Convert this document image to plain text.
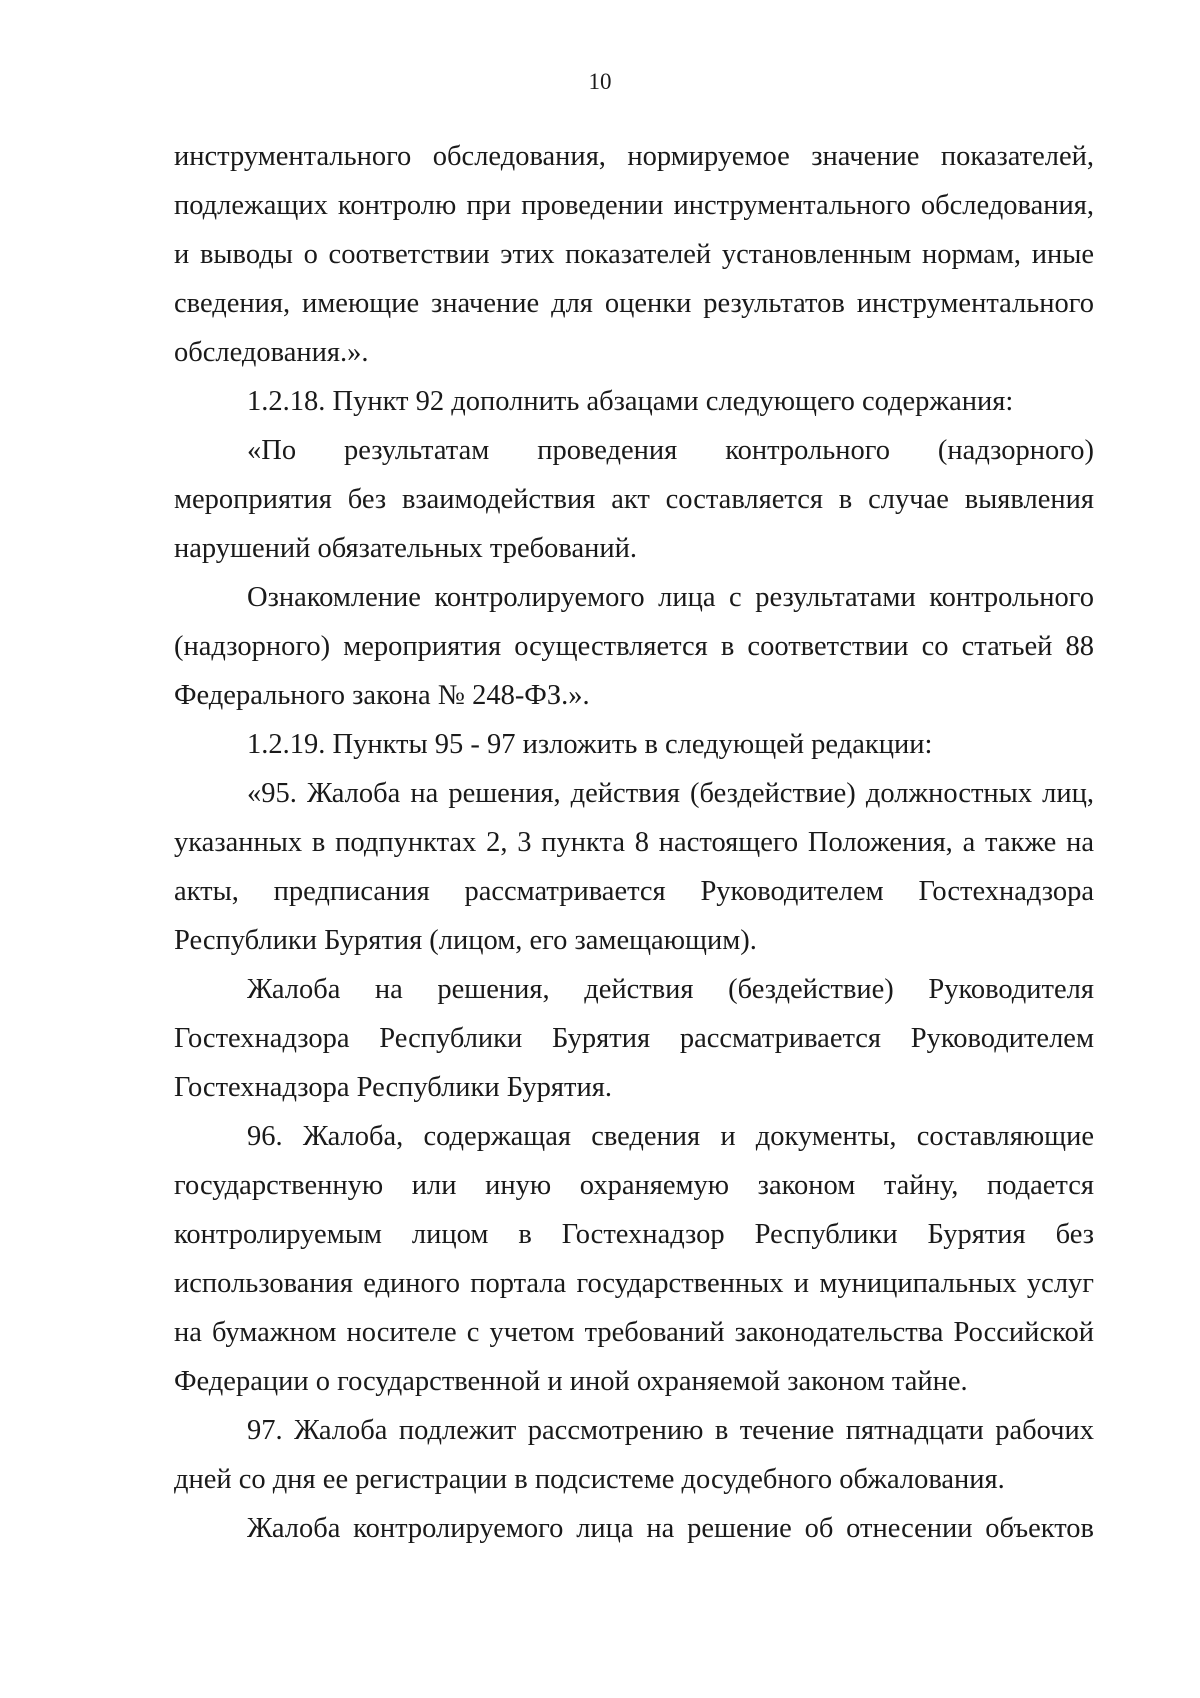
10

инструментального обследования, нормируемое значение показателей, подлежащих контролю при проведении инструментального обследования, и выводы о соответствии этих показателей установленным нормам, иные сведения, имеющие значение для оценки результатов инструментального обследования.».

1.2.18. Пункт 92 дополнить абзацами следующего содержания:

«По результатам проведения контрольного (надзорного) мероприятия без взаимодействия акт составляется в случае выявления нарушений обязательных требований.

Ознакомление контролируемого лица с результатами контрольного (надзорного) мероприятия осуществляется в соответствии со статьей 88 Федерального закона № 248-ФЗ.».

1.2.19. Пункты 95 - 97 изложить в следующей редакции:

«95. Жалоба на решения, действия (бездействие) должностных лиц, указанных в подпунктах 2, 3 пункта 8 настоящего Положения, а также на акты, предписания рассматривается Руководителем Гостехнадзора Республики Бурятия (лицом, его замещающим).

Жалоба на решения, действия (бездействие) Руководителя Гостехнадзора Республики Бурятия рассматривается Руководителем Гостехнадзора Республики Бурятия.

96. Жалоба, содержащая сведения и документы, составляющие государственную или иную охраняемую законом тайну, подается контролируемым лицом в Гостехнадзор Республики Бурятия без использования единого портала государственных и муниципальных услуг на бумажном носителе с учетом требований законодательства Российской Федерации о государственной и иной охраняемой законом тайне.

97. Жалоба подлежит рассмотрению в течение пятнадцати рабочих дней со дня ее регистрации в подсистеме досудебного обжалования.

Жалоба контролируемого лица на решение об отнесении объектов
